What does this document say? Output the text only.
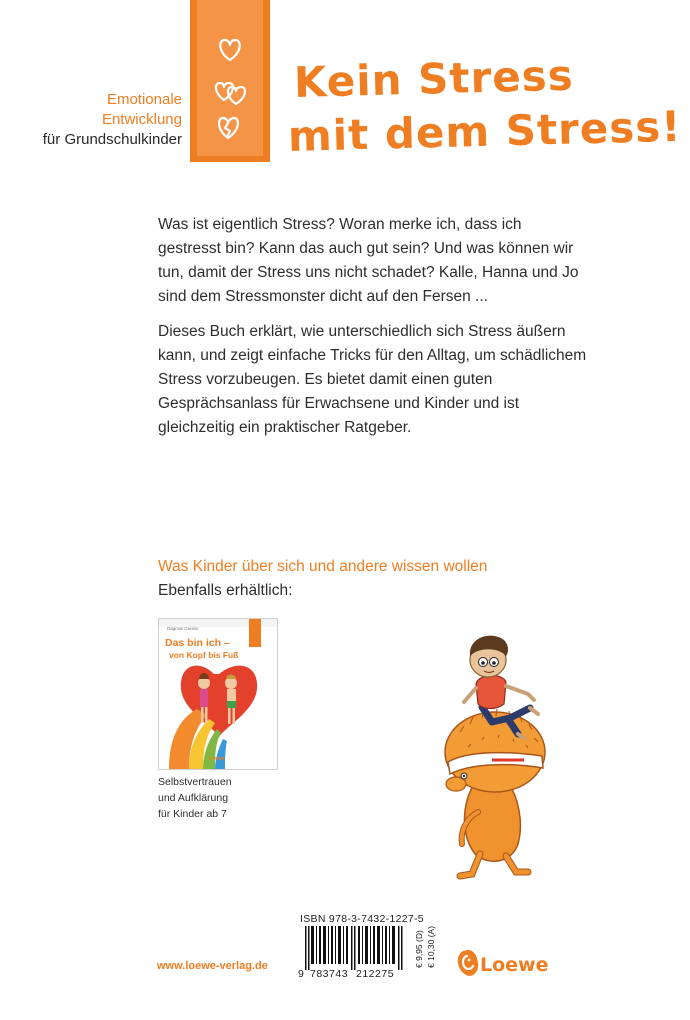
Emotionale
Entwicklung
für Grundschulkinder
Kein Stress
mit dem Stress!
Was ist eigentlich Stress? Woran merke ich, dass ich gestresst bin? Kann das auch gut sein? Und was können wir tun, damit der Stress uns nicht schadet? Kalle, Hanna und Jo sind dem Stressmonster dicht auf den Fersen ...
Dieses Buch erklärt, wie unterschiedlich sich Stress äußern kann, und zeigt einfache Tricks für den Alltag, um schädlichem Stress vorzubeugen. Es bietet damit einen guten Gesprächsanlass für Erwachsene und Kinder und ist gleichzeitig ein praktischer Ratgeber.
Was Kinder über sich und andere wissen wollen
Ebenfalls erhältlich:
Dagmar Geisler
Das bin ich –
von Kopf bis Fuß
Loewe
Selbstvertrauen
und Aufklärung
für Kinder ab 7
ISBN 978-3-7432-1227-5
9 783743 212275
€ 9,95 (D) € 10,30 (A)
www.loewe-verlag.de	Loewe
